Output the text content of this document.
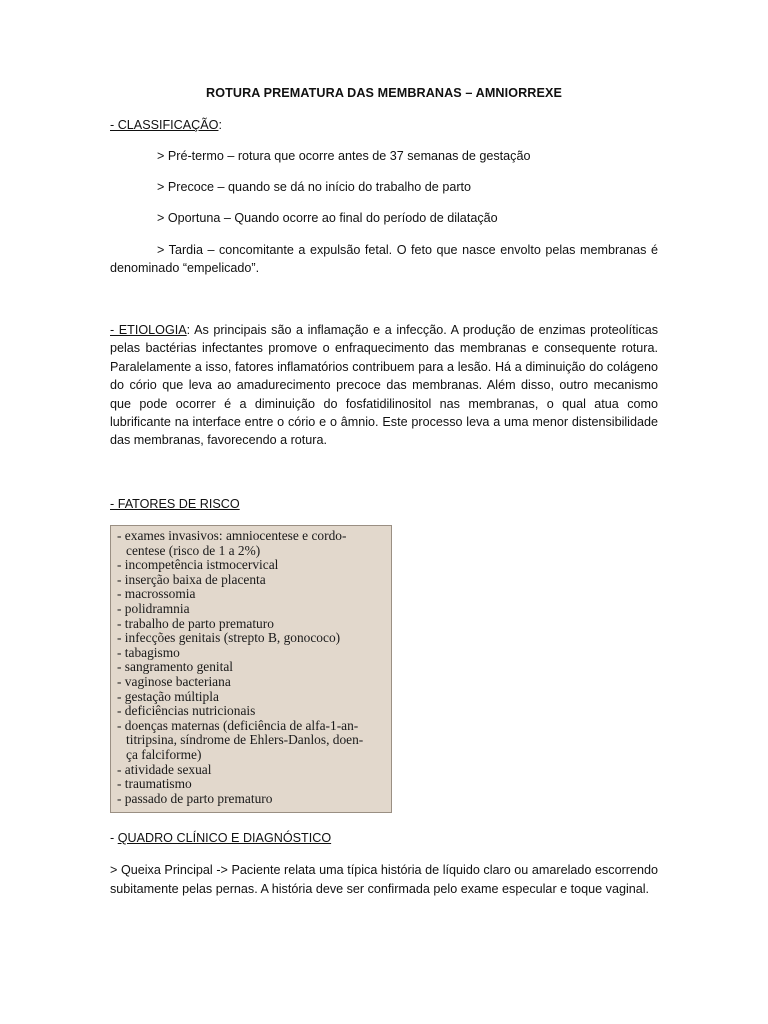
ROTURA PREMATURA DAS MEMBRANAS – AMNIORREXE
- CLASSIFICAÇÃO:
> Pré-termo – rotura que ocorre antes de 37 semanas de gestação
> Precoce – quando se dá no início do trabalho de parto
> Oportuna – Quando ocorre ao final do período de dilatação

> Tardia – concomitante a expulsão fetal. O feto que nasce envolto pelas membranas é denominado “empelicado”.

- ETIOLOGIA: As principais são a inflamação e a infecção. A produção de enzimas proteolíticas pelas bactérias infectantes promove o enfraquecimento das membranas e consequente rotura. Paralelamente a isso, fatores inflamatórios contribuem para a lesão. Há a diminuição do colágeno do cório que leva ao amadurecimento precoce das membranas. Além disso, outro mecanismo que pode ocorrer é a diminuição do fosfatidilinositol nas membranas, o qual atua como lubrificante na interface entre o cório e o âmnio. Este processo leva a uma menor distensibilidade das membranas, favorecendo a rotura.

- FATORES DE RISCO
- exames invasivos: amniocentese e cordo-
centese (risco de 1 a 2%)
- incompetência istmocervical
- inserção baixa de placenta
- macrossomia
- polidramnia
- trabalho de parto prematuro
- infecções genitais (strepto B, gonococo)
- tabagismo
- sangramento genital
- vaginose bacteriana
- gestação múltipla
- deficiências nutricionais
- doenças maternas (deficiência de alfa-1-an-
titripsina, síndrome de Ehlers-Danlos, doen-
ça falciforme)
- atividade sexual
- traumatismo
- passado de parto prematuro
- QUADRO CLÍNICO E DIAGNÓSTICO
> Queixa Principal -> Paciente relata uma típica história de líquido claro ou amarelado escorrendo subitamente pelas pernas. A história deve ser confirmada pelo exame especular e toque vaginal.
